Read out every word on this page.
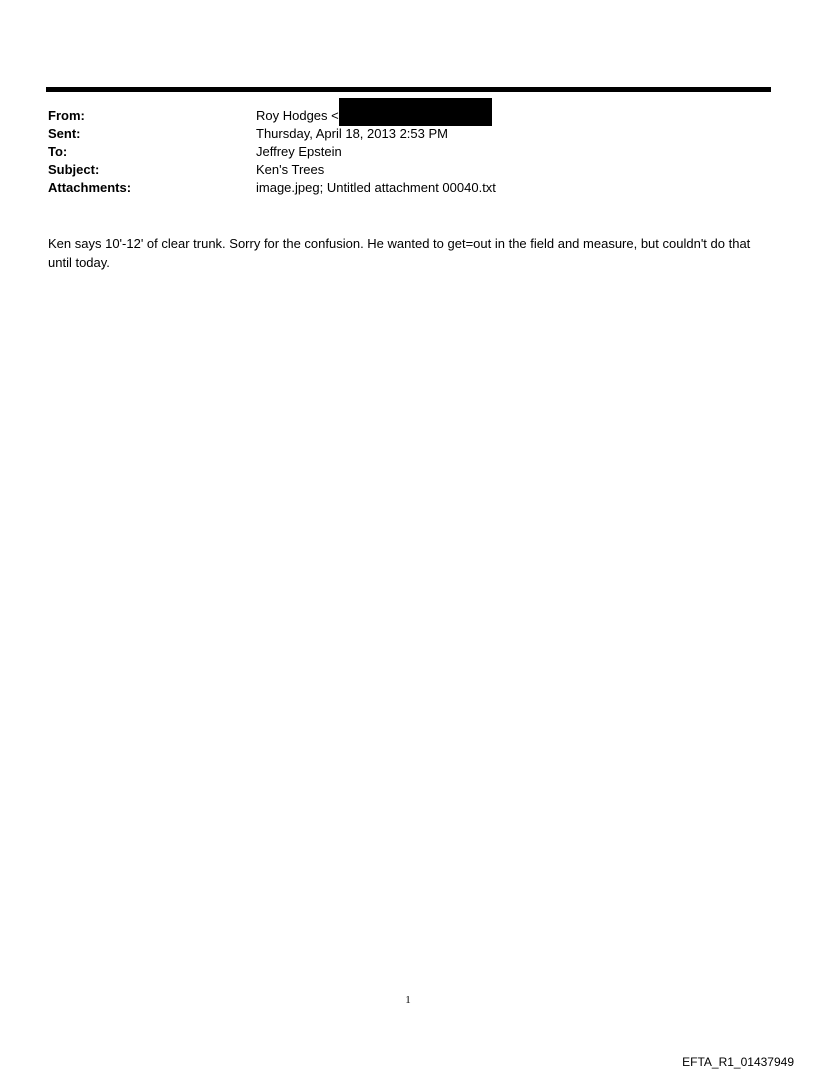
From:	Roy Hodges <
Sent:	Thursday, April 18, 2013 2:53 PM
To:	Jeffrey Epstein
Subject:	Ken's Trees
Attachments:	image.jpeg; Untitled attachment 00040.txt
Ken says 10'-12' of clear trunk. Sorry for the confusion. He wanted to get=out in the field and measure, but couldn't do that until today.
1
EFTA_R1_01437949
